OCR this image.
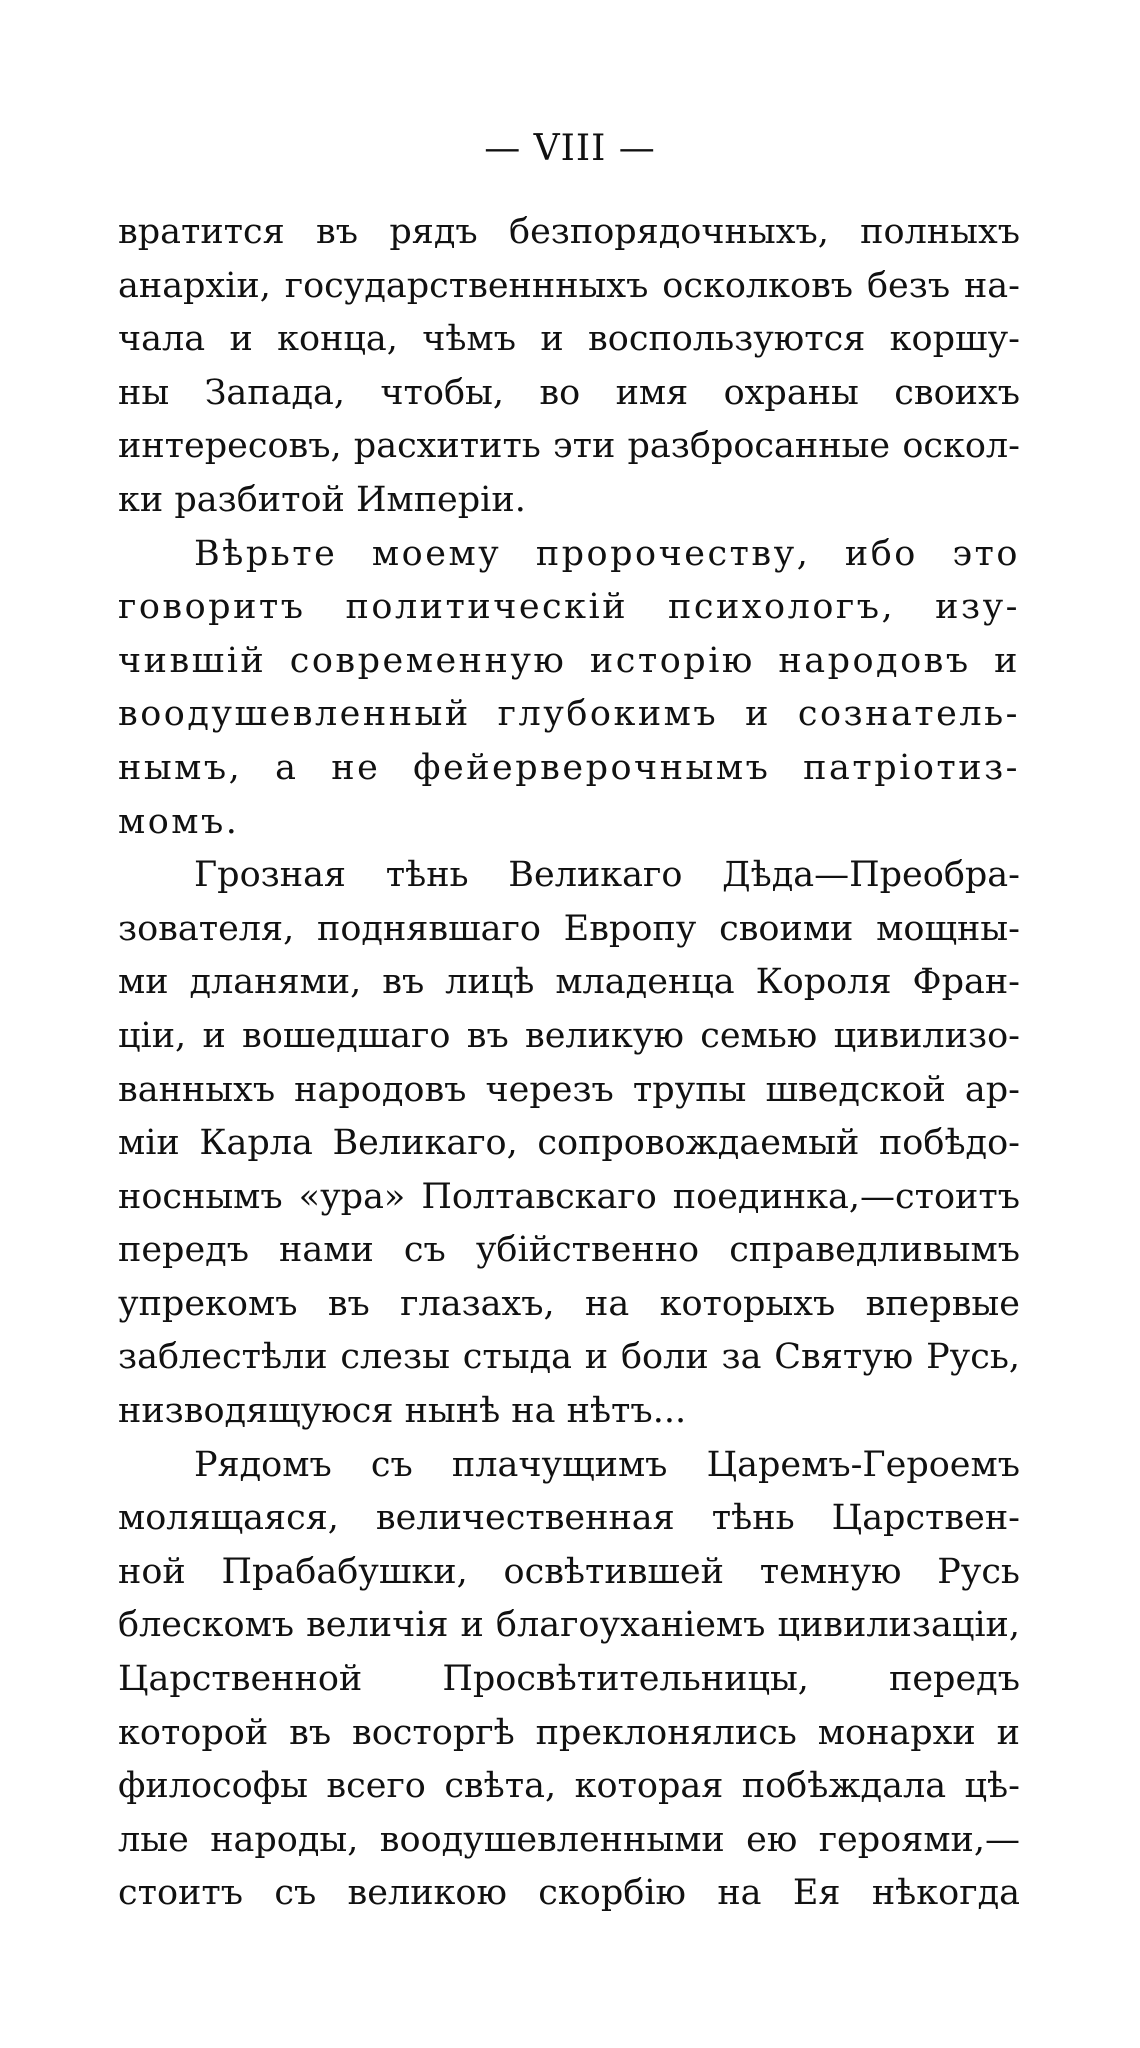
— VIII —
вратится въ рядъ безпорядочныхъ, полныхъ
анархіи, государственнныхъ осколковъ безъ на-
чала и конца, чѣмъ и воспользуются коршу-
ны Запада, чтобы, во имя охраны своихъ
интересовъ, расхитить эти разбросанные оскол-
ки разбитой Имперіи.
Вѣрьте моему пророчеству, ибо это
говоритъ политическій психологъ, изу-
чившій современную исторію народовъ и
воодушевленный глубокимъ и сознатель-
нымъ, а не фейерверочнымъ патріотиз-
момъ.
Грозная тѣнь Великаго Дѣда—Преобра-
зователя, поднявшаго Европу своими мощны-
ми дланями, въ лицѣ младенца Короля Фран-
ціи, и вошедшаго въ великую семью цивилизо-
ванныхъ народовъ черезъ трупы шведской ар-
міи Карла Великаго, сопровождаемый побѣдо-
носнымъ «ура» Полтавскаго поединка,—стоитъ
передъ нами съ убійственно справедливымъ
упрекомъ въ глазахъ, на которыхъ впервые
заблестѣли слезы стыда и боли за Святую Русь,
низводящуюся нынѣ на нѣтъ...
Рядомъ съ плачущимъ Царемъ-Героемъ
молящаяся, величественная тѣнь Царствен-
ной Прабабушки, освѣтившей темную Русь
блескомъ величія и благоуханіемъ цивилизаціи,
Царственной Просвѣтительницы, передъ
которой въ восторгѣ преклонялись монархи и
философы всего свѣта, которая побѣждала цѣ-
лые народы, воодушевленными ею героями,—
стоитъ съ великою скорбію на Ея нѣкогда
